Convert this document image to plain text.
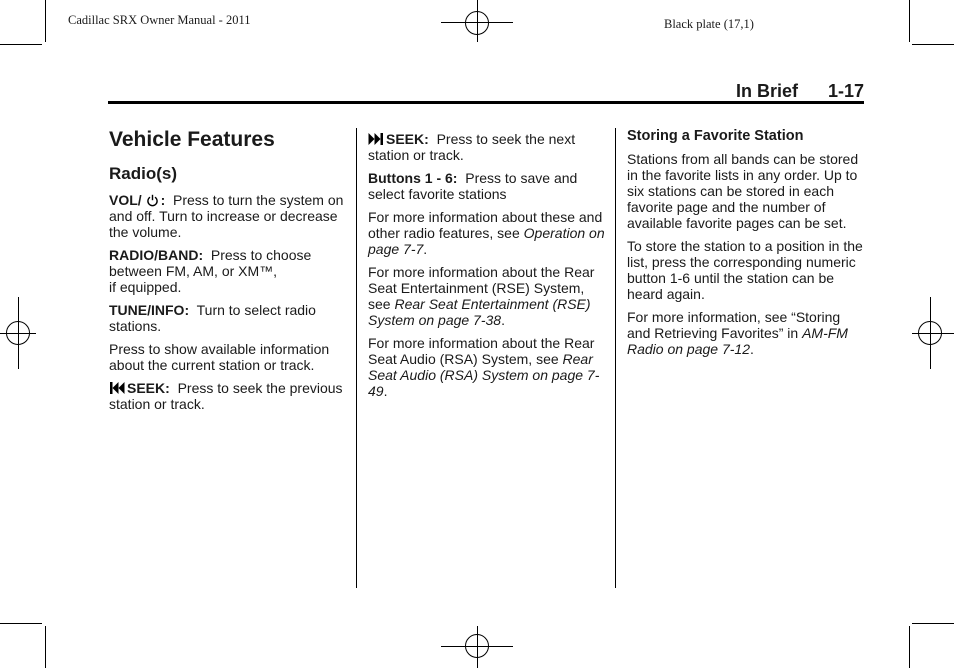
Cadillac SRX Owner Manual - 2011	Black plate (17,1)
In Brief 1-17
Vehicle Features
Radio(s)

VOL/ : Press to turn the system on and off. Turn to increase or decrease the volume.

RADIO/BAND: Press to choose between FM, AM, or XM™,
if equipped.

TUNE/INFO: Turn to select radio stations.

Press to show available information about the current station or track.

SEEK: Press to seek the previous station or track.

SEEK: Press to seek the next station or track.

Buttons 1 - 6: Press to save and select favorite stations

For more information about these and other radio features, see Operation on page 7-7.

For more information about the Rear Seat Entertainment (RSE) System, see Rear Seat Entertainment (RSE) System on page 7-38.

For more information about the Rear Seat Audio (RSA) System, see Rear Seat Audio (RSA) System on page 7-49.

Storing a Favorite Station

Stations from all bands can be stored in the favorite lists in any order. Up to six stations can be stored in each favorite page and the number of available favorite pages can be set.

To store the station to a position in the list, press the corresponding numeric button 1-6 until the station can be heard again.

For more information, see “Storing and Retrieving Favorites” in AM-FM Radio on page 7-12.
